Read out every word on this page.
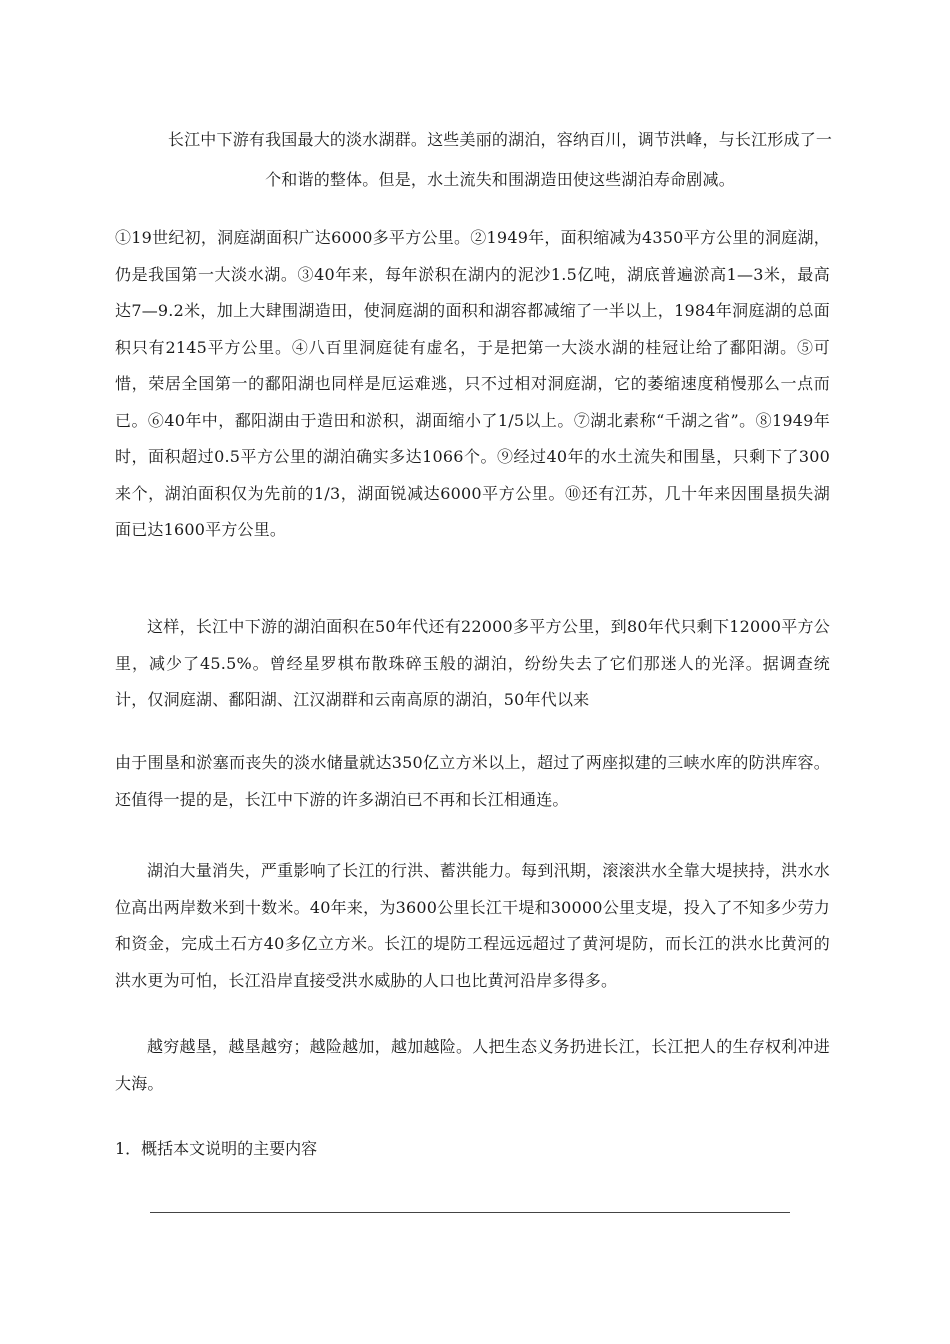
长江中下游有我国最大的淡水湖群。这些美丽的湖泊，容纳百川，调节洪峰，与长江形成了一个和谐的整体。但是，水土流失和围湖造田使这些湖泊寿命剧减。

①19世纪初，洞庭湖面积广达6000多平方公里。②1949年，面积缩减为4350平方公里的洞庭湖，仍是我国第一大淡水湖。③40年来，每年淤积在湖内的泥沙1.5亿吨，湖底普遍淤高1—3米，最高达7—9.2米，加上大肆围湖造田，使洞庭湖的面积和湖容都减缩了一半以上，1984年洞庭湖的总面积只有2145平方公里。④八百里洞庭徒有虚名，于是把第一大淡水湖的桂冠让给了鄱阳湖。⑤可惜，荣居全国第一的鄱阳湖也同样是厄运难逃，只不过相对洞庭湖，它的萎缩速度稍慢那么一点而已。⑥40年中，鄱阳湖由于造田和淤积，湖面缩小了1/5以上。⑦湖北素称“千湖之省”。⑧1949年时，面积超过0.5平方公里的湖泊确实多达1066个。⑨经过40年的水土流失和围垦，只剩下了300来个，湖泊面积仅为先前的1/3，湖面锐减达6000平方公里。⑩还有江苏，几十年来因围垦损失湖面已达1600平方公里。

这样，长江中下游的湖泊面积在50年代还有22000多平方公里，到80年代只剩下12000平方公里，减少了45.5%。曾经星罗棋布散珠碎玉般的湖泊，纷纷失去了它们那迷人的光泽。据调查统计，仅洞庭湖、鄱阳湖、江汉湖群和云南高原的湖泊，50年代以来

由于围垦和淤塞而丧失的淡水储量就达350亿立方米以上，超过了两座拟建的三峡水库的防洪库容。还值得一提的是，长江中下游的许多湖泊已不再和长江相通连。

湖泊大量消失，严重影响了长江的行洪、蓄洪能力。每到汛期，滚滚洪水全靠大堤挟持，洪水水位高出两岸数米到十数米。40年来，为3600公里长江干堤和30000公里支堤，投入了不知多少劳力和资金，完成土石方40多亿立方米。长江的堤防工程远远超过了黄河堤防，而长江的洪水比黄河的洪水更为可怕，长江沿岸直接受洪水威胁的人口也比黄河沿岸多得多。

越穷越垦，越垦越穷；越险越加，越加越险。人把生态义务扔进长江，长江把人的生存权利冲进大海。

1．概括本文说明的主要内容
